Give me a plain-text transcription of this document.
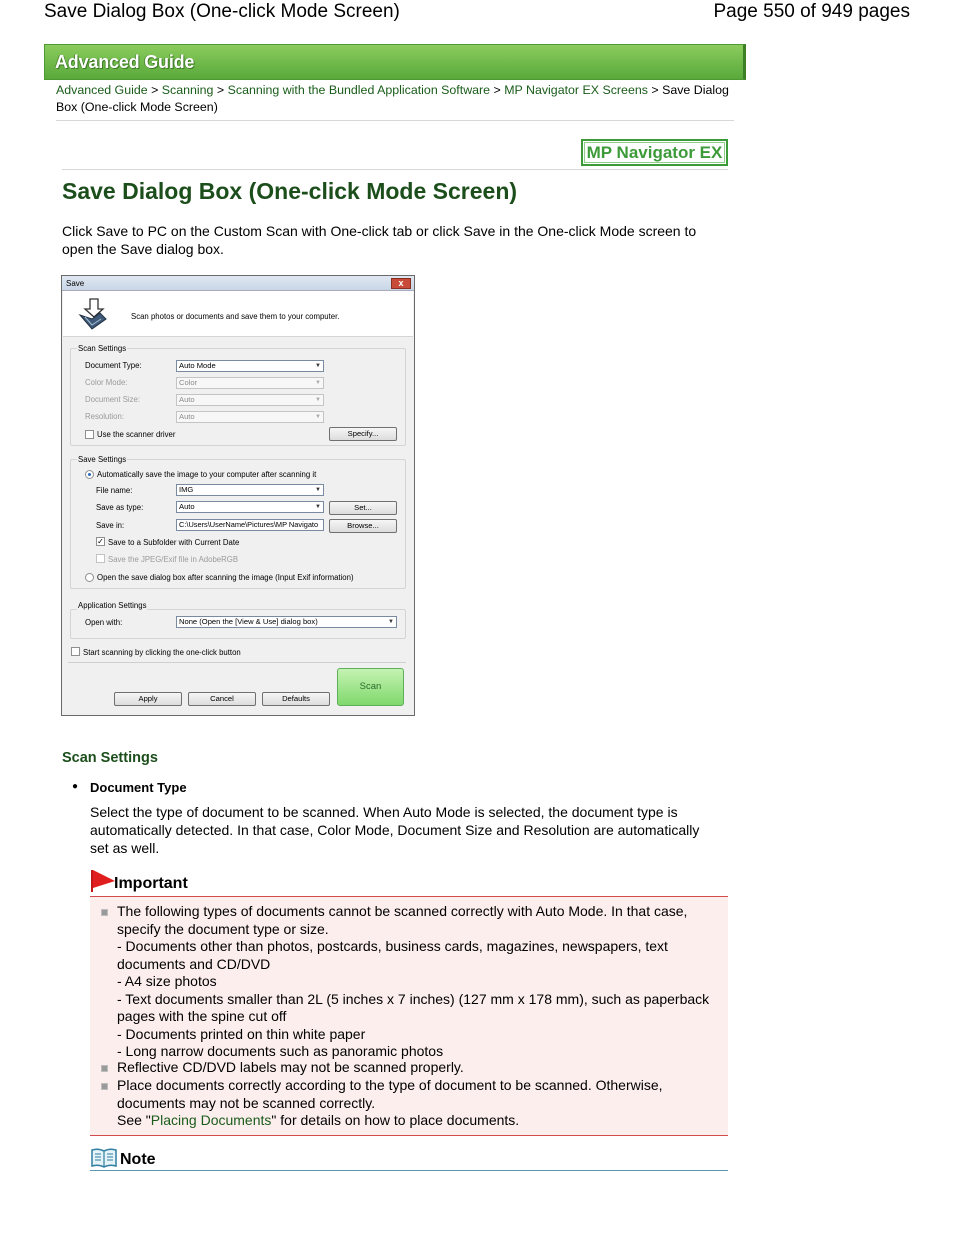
Save Dialog Box (One-click Mode Screen)	Page 550 of 949 pages
Advanced Guide
Advanced Guide > Scanning > Scanning with the Bundled Application Software > MP Navigator EX Screens > Save Dialog Box (One-click Mode Screen)
MP Navigator EX
Save Dialog Box (One-click Mode Screen)
Click Save to PC on the Custom Scan with One-click tab or click Save in the One-click Mode screen to open the Save dialog box.
Save	x
Scan photos or documents and save them to your computer.
Scan Settings
Document Type:	Auto Mode	▼
Color Mode:	Color	▼
Document Size:	Auto	▼
Resolution:	Auto	▼
Use the scanner driver	Specify...
Save Settings
Automatically save the image to your computer after scanning it
File name:	IMG	▼
Save as type:	Auto	▼	Set...
Save in:	C:\Users\UserName\Pictures\MP Navigato	Browse...
✓ Save to a Subfolder with Current Date
Save the JPEG/Exif file in AdobeRGB
Open the save dialog box after scanning the image (Input Exif information)
Application Settings
Open with:	None (Open the [View & Use] dialog box)	▼
Start scanning by clicking the one-click button
Apply	Cancel	Defaults
Scan
Scan Settings
● Document Type
Select the type of document to be scanned. When Auto Mode is selected, the document type is automatically detected. In that case, Color Mode, Document Size and Resolution are automatically set as well.
Important
The following types of documents cannot be scanned correctly with Auto Mode. In that case, specify the document type or size.
- Documents other than photos, postcards, business cards, magazines, newspapers, text documents and CD/DVD
- A4 size photos
- Text documents smaller than 2L (5 inches x 7 inches) (127 mm x 178 mm), such as paperback pages with the spine cut off
- Documents printed on thin white paper
- Long narrow documents such as panoramic photos
Reflective CD/DVD labels may not be scanned properly.
Place documents correctly according to the type of document to be scanned. Otherwise, documents may not be scanned correctly.
See "Placing Documents" for details on how to place documents.
Note
